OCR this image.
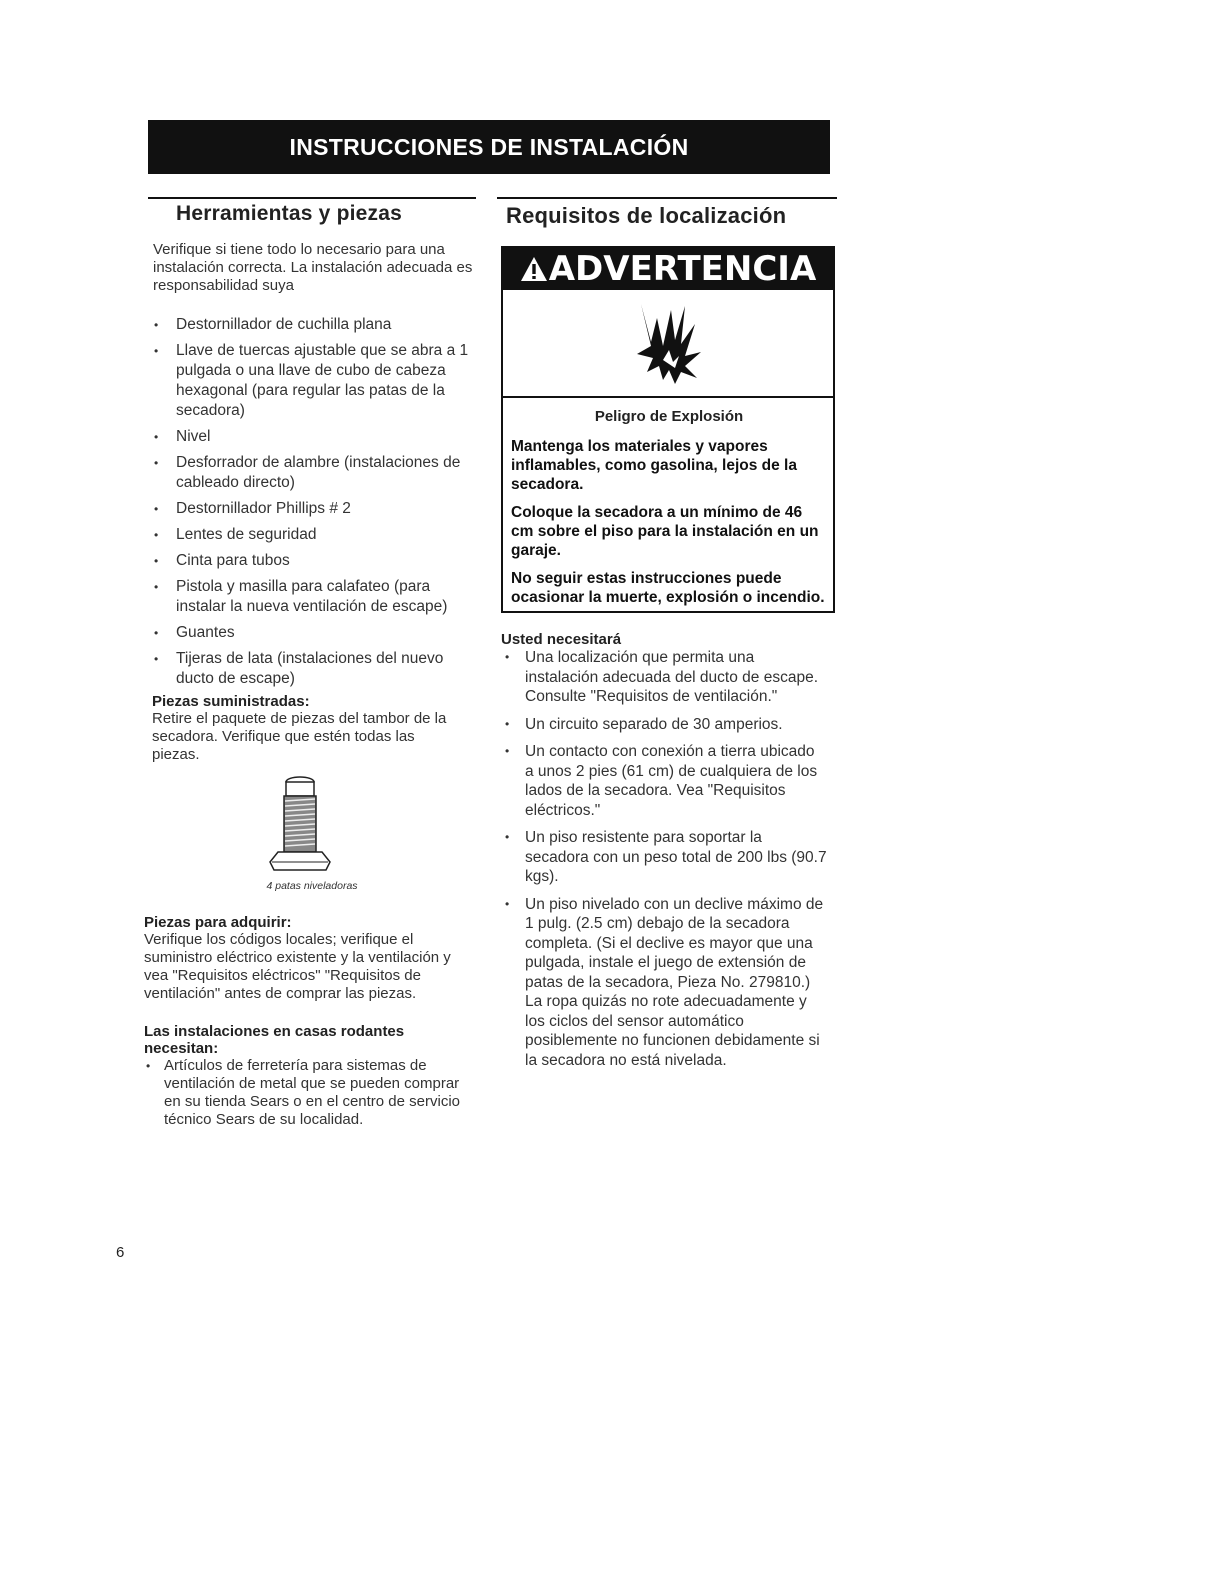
INSTRUCCIONES DE INSTALACIÓN
Herramientas y piezas
Verifique si tiene todo lo necesario para una instalación correcta. La instalación adecuada es responsabilidad suya
• Destornillador de cuchilla plana
• Llave de tuercas ajustable que se abra a 1 pulgada o una llave de cubo de cabeza hexagonal (para regular las patas de la secadora)
• Nivel
• Desforrador de alambre (instalaciones de cableado directo)
• Destornillador Phillips # 2
• Lentes de seguridad
• Cinta para tubos
• Pistola y masilla para calafateo (para instalar la nueva ventilación de escape)
• Guantes
• Tijeras de lata (instalaciones del nuevo ducto de escape)
Piezas suministradas:
Retire el paquete de piezas del tambor de la secadora. Verifique que estén todas las piezas.
4 patas niveladoras
Piezas para adquirir:
Verifique los códigos locales; verifique el suministro eléctrico existente y la ventilación y vea "Requisitos eléctricos" "Requisitos de ventilación" antes de comprar las piezas.
Las instalaciones en casas rodantes necesitan:
• Artículos de ferretería para sistemas de ventilación de metal que se pueden comprar en su tienda Sears o en el centro de servicio técnico Sears de su localidad.
Requisitos de localización
ADVERTENCIA
Peligro de Explosión
Mantenga los materiales y vapores inflamables, como gasolina, lejos de la secadora.
Coloque la secadora a un mínimo de 46 cm sobre el piso para la instalación en un garaje.
No seguir estas instrucciones puede ocasionar la muerte, explosión o incendio.
Usted necesitará
• Una localización que permita una instalación adecuada del ducto de escape. Consulte "Requisitos de ventilación."
• Un circuito separado de 30 amperios.
• Un contacto con conexión a tierra ubicado a unos 2 pies (61 cm) de cualquiera de los lados de la secadora. Vea "Requisitos eléctricos."
• Un piso resistente para soportar la secadora con un peso total de 200 lbs (90.7 kgs).
• Un piso nivelado con un declive máximo de 1 pulg. (2.5 cm) debajo de la secadora completa. (Si el declive es mayor que una pulgada, instale el juego de extensión de patas de la secadora, Pieza No. 279810.) La ropa quizás no rote adecuadamente y los ciclos del sensor automático posiblemente no funcionen debidamente si la secadora no está nivelada.
6
